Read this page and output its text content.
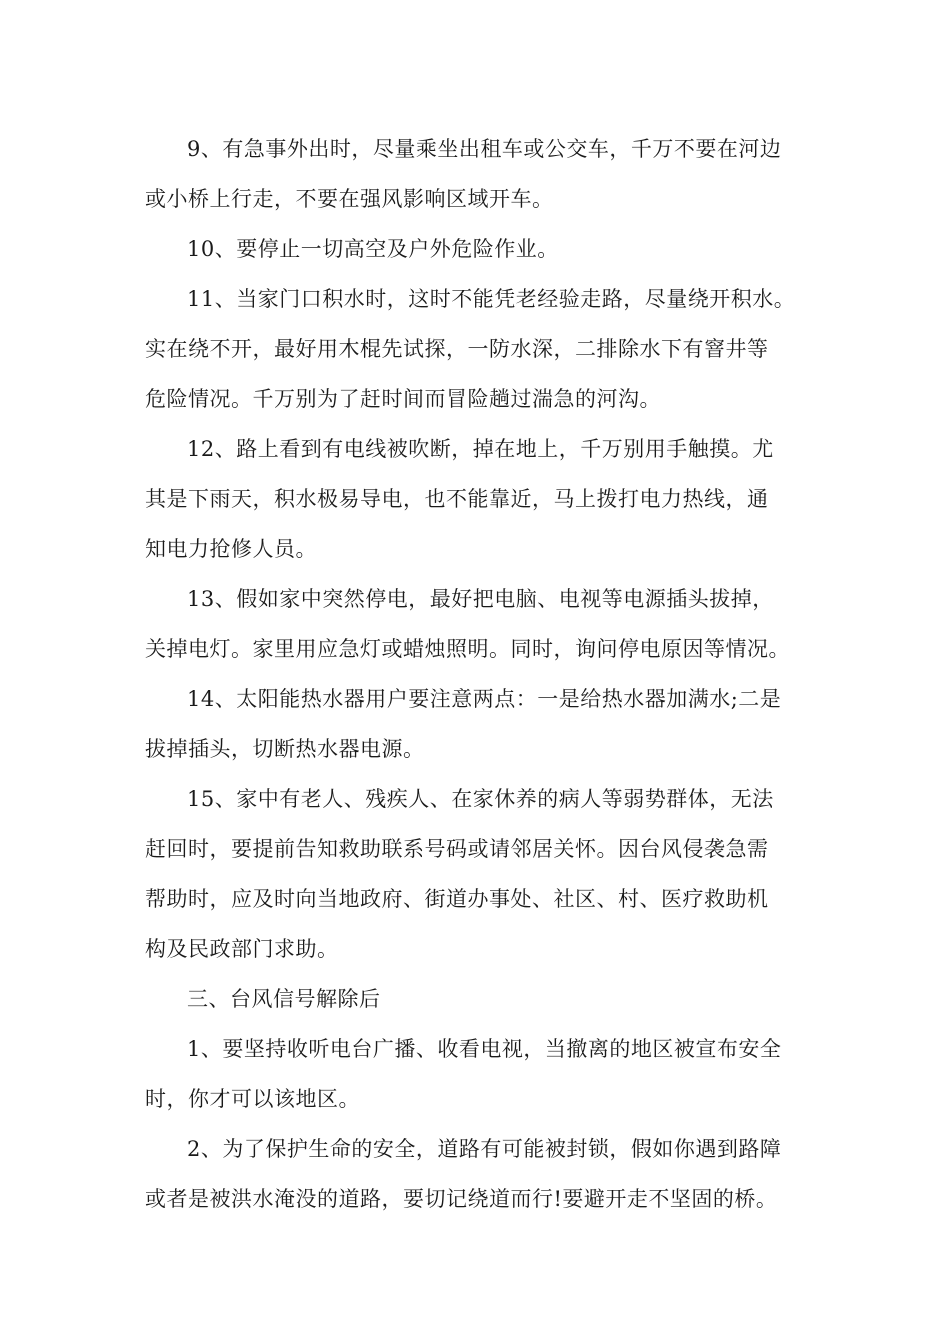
9、有急事外出时，尽量乘坐出租车或公交车，千万不要在河边
或小桥上行走，不要在强风影响区域开车。

10、要停止一切高空及户外危险作业。

11、当家门口积水时，这时不能凭老经验走路，尽量绕开积水。
实在绕不开，最好用木棍先试探，一防水深，二排除水下有窨井等
危险情况。千万别为了赶时间而冒险趟过湍急的河沟。

12、路上看到有电线被吹断，掉在地上，千万别用手触摸。尤
其是下雨天，积水极易导电，也不能靠近，马上拨打电力热线，通
知电力抢修人员。

13、假如家中突然停电，最好把电脑、电视等电源插头拔掉，
关掉电灯。家里用应急灯或蜡烛照明。同时，询问停电原因等情况。

14、太阳能热水器用户要注意两点：一是给热水器加满水;二是
拔掉插头，切断热水器电源。

15、家中有老人、残疾人、在家休养的病人等弱势群体，无法
赶回时，要提前告知救助联系号码或请邻居关怀。因台风侵袭急需
帮助时，应及时向当地政府、街道办事处、社区、村、医疗救助机
构及民政部门求助。

三、台风信号解除后

1、要坚持收听电台广播、收看电视，当撤离的地区被宣布安全
时，你才可以该地区。

2、为了保护生命的安全，道路有可能被封锁，假如你遇到路障
或者是被洪水淹没的道路，要切记绕道而行!要避开走不坚固的桥。
